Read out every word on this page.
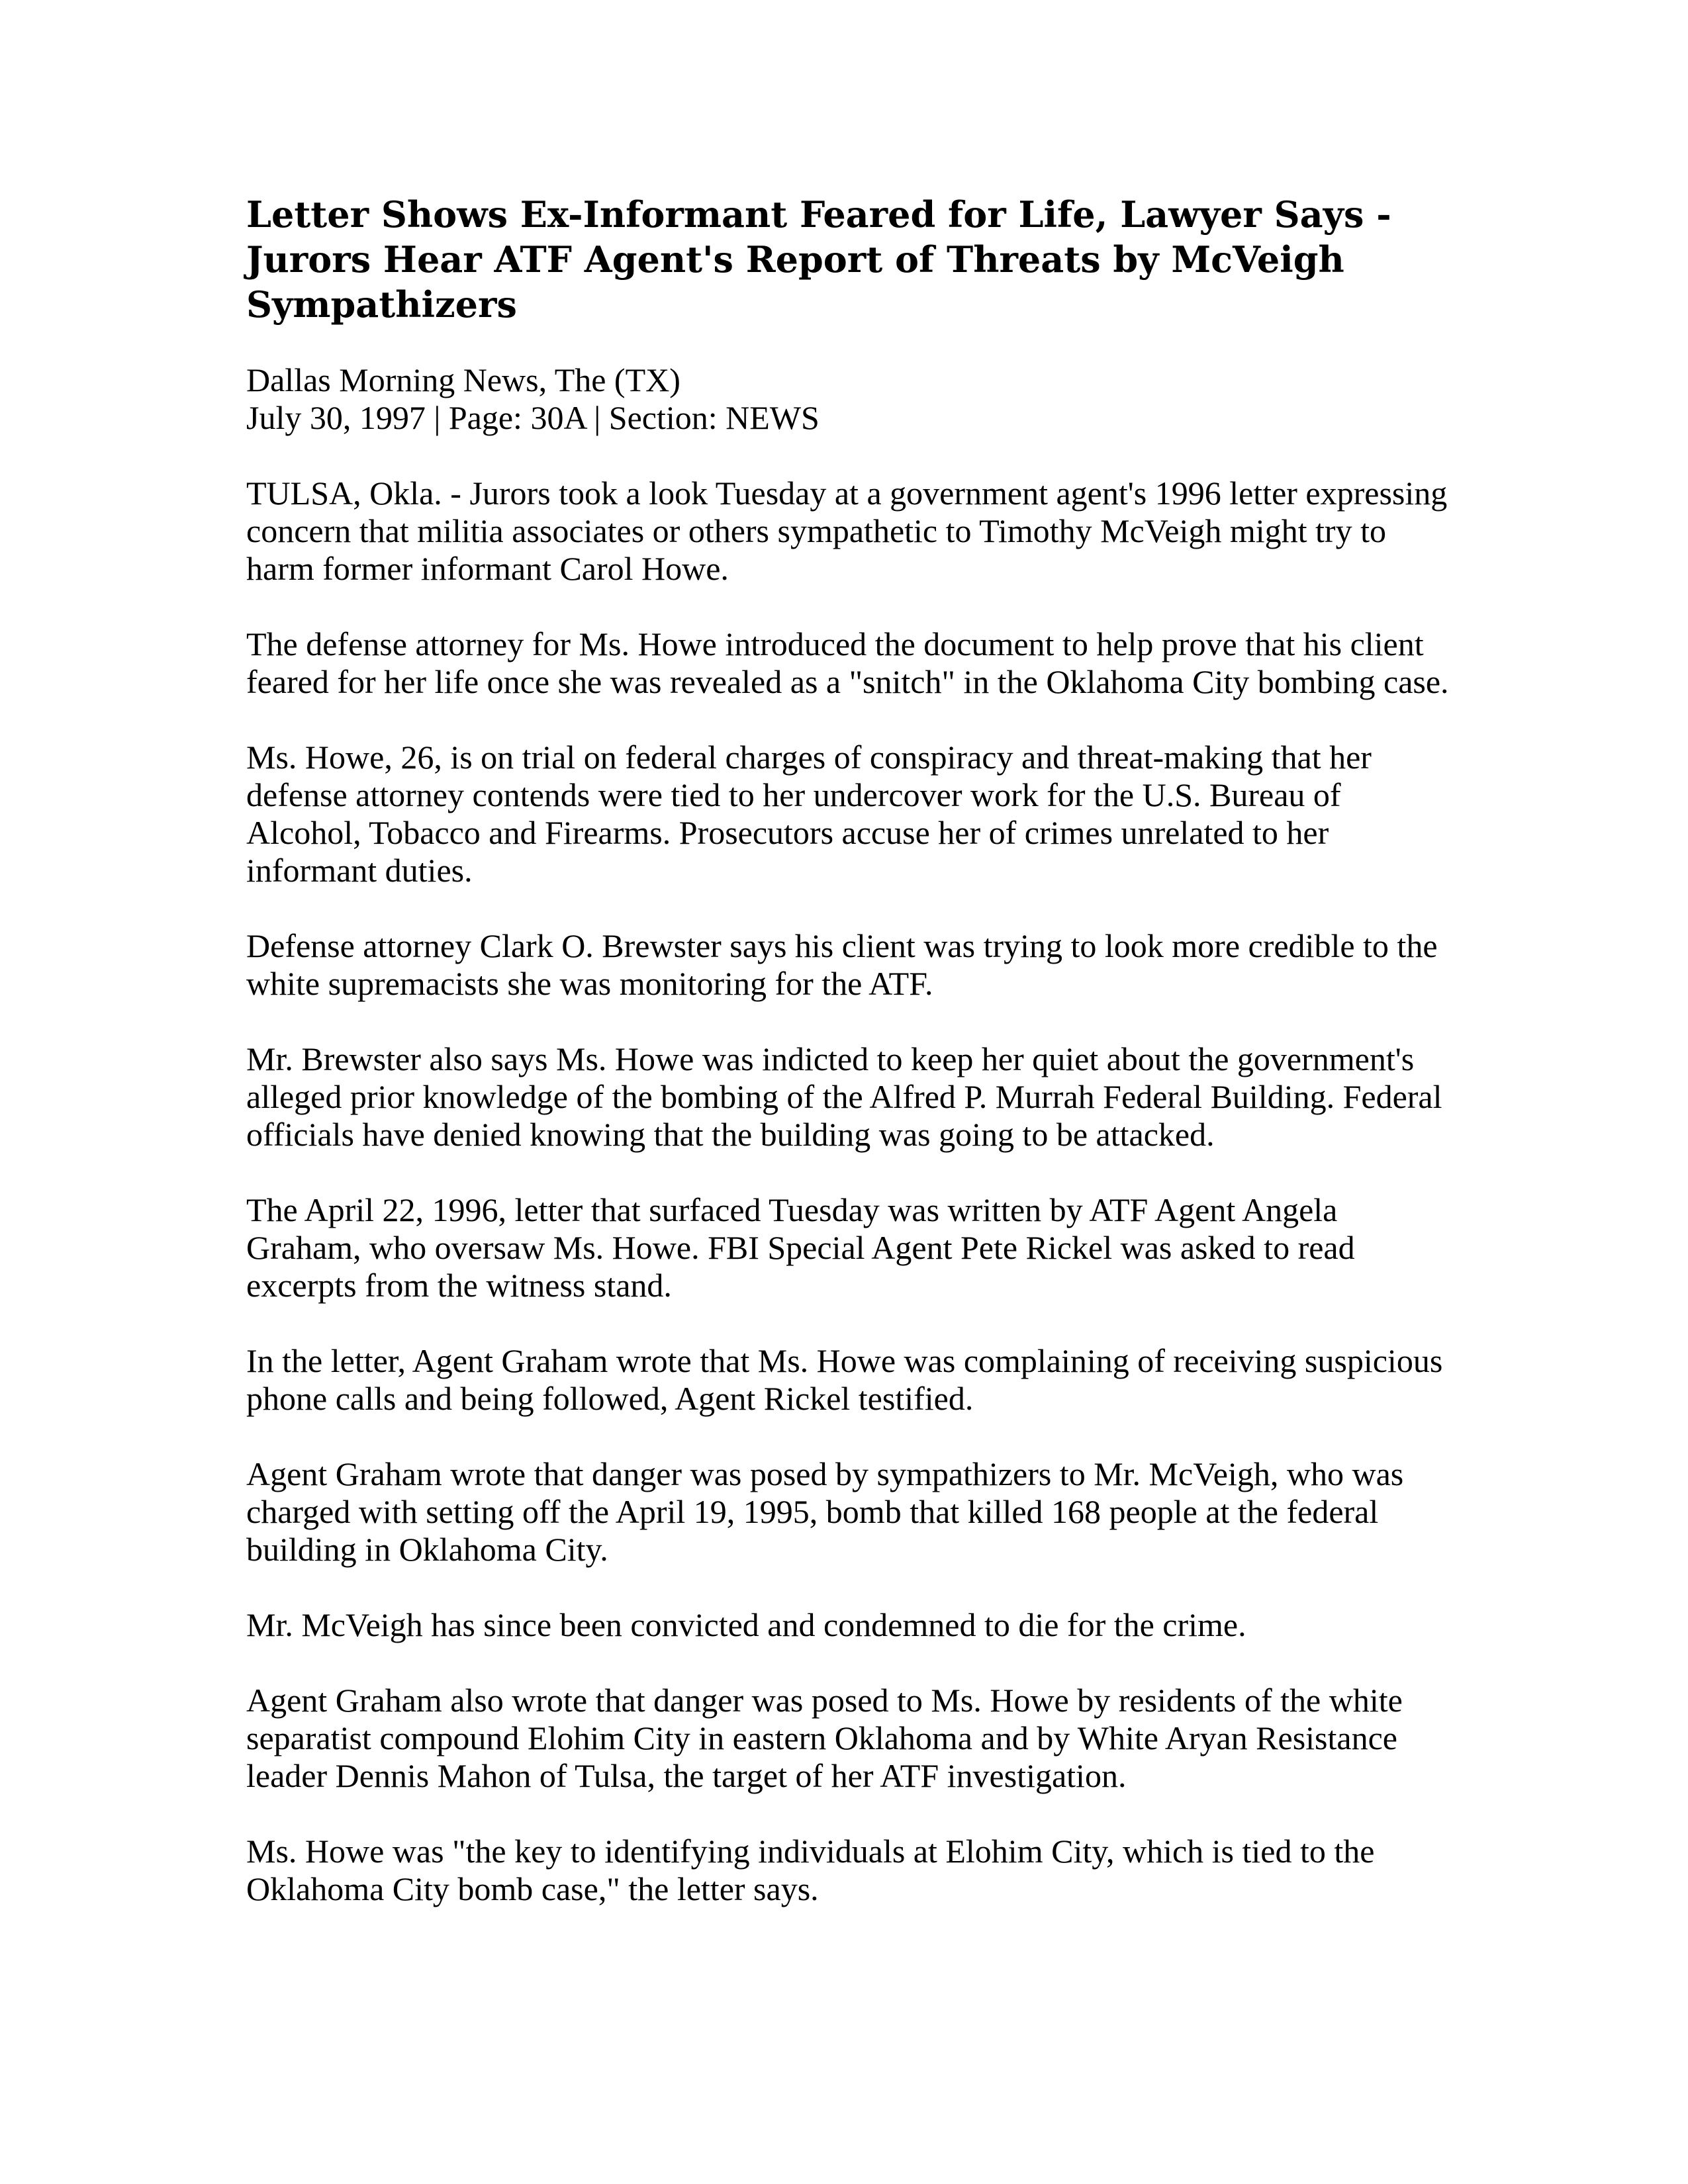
Letter Shows Ex-Informant Feared for Life, Lawyer Says - Jurors Hear ATF Agent's Report of Threats by McVeigh Sympathizers
Dallas Morning News, The (TX)
July 30, 1997 | Page: 30A | Section: NEWS

TULSA, Okla. - Jurors took a look Tuesday at a government agent's 1996 letter expressing concern that militia associates or others sympathetic to Timothy McVeigh might try to harm former informant Carol Howe.

The defense attorney for Ms. Howe introduced the document to help prove that his client feared for her life once she was revealed as a "snitch" in the Oklahoma City bombing case.

Ms. Howe, 26, is on trial on federal charges of conspiracy and threat-making that her defense attorney contends were tied to her undercover work for the U.S. Bureau of Alcohol, Tobacco and Firearms. Prosecutors accuse her of crimes unrelated to her informant duties.

Defense attorney Clark O. Brewster says his client was trying to look more credible to the white supremacists she was monitoring for the ATF.

Mr. Brewster also says Ms. Howe was indicted to keep her quiet about the government's alleged prior knowledge of the bombing of the Alfred P. Murrah Federal Building. Federal officials have denied knowing that the building was going to be attacked.

The April 22, 1996, letter that surfaced Tuesday was written by ATF Agent Angela Graham, who oversaw Ms. Howe. FBI Special Agent Pete Rickel was asked to read excerpts from the witness stand.

In the letter, Agent Graham wrote that Ms. Howe was complaining of receiving suspicious phone calls and being followed, Agent Rickel testified.

Agent Graham wrote that danger was posed by sympathizers to Mr. McVeigh, who was charged with setting off the April 19, 1995, bomb that killed 168 people at the federal building in Oklahoma City.

Mr. McVeigh has since been convicted and condemned to die for the crime.

Agent Graham also wrote that danger was posed to Ms. Howe by residents of the white separatist compound Elohim City in eastern Oklahoma and by White Aryan Resistance leader Dennis Mahon of Tulsa, the target of her ATF investigation.

Ms. Howe was "the key to identifying individuals at Elohim City, which is tied to the Oklahoma City bomb case," the letter says.
